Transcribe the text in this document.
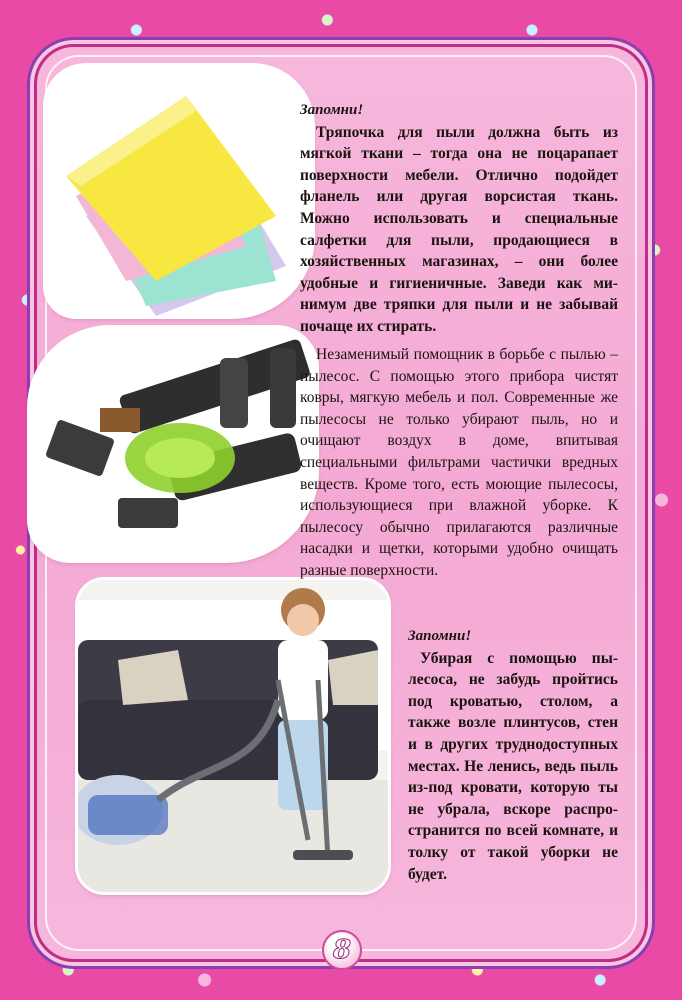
Запомни!
Тряпочка для пыли должна быть из мягкой ткани – тогда она не поцарапает поверхности мебели. Отлично подойдет фланель или другая ворсистая ткань. Можно использовать и специальные салфетки для пыли, продающиеся в хозяйственных магазинах, – они более удобные и гигиеничные. Заведи как минимум две тряпки для пыли и не забывай почаще их стирать.
Незаменимый помощник в борьбе с пылью – пылесос. С помощью этого прибора чистят ковры, мягкую мебель и пол. Современные же пылесосы не только убирают пыль, но и очищают воздух в доме, впитывая специальными фильтрами частички вредных веществ. Кроме того, есть моющие пылесосы, использующиеся при влажной уборке. К пылесосу обычно прилагаются различные насадки и щетки, которыми удобно очищать разные поверхности.
Запомни!
Убирая с помощью пылесоса, не забудь пройтись под кроватью, столом, а также возле плинтусов, стен и в других труднодоступных местах. Не ленись, ведь пыль из-под кровати, которую ты не убрала, вскоре распространится по всей комнате, и толку от такой уборки не будет.
8
